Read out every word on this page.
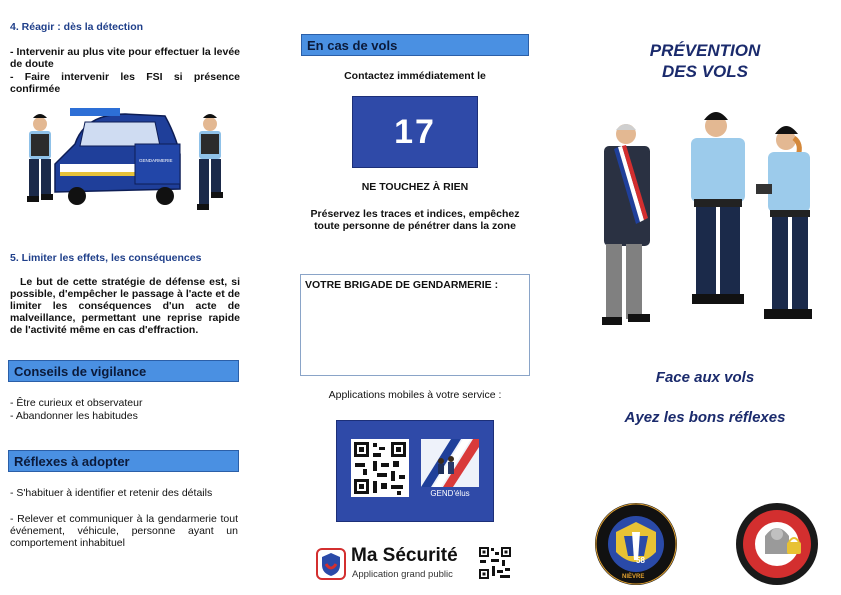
4. Réagir : dès la détection
- Intervenir au plus vite pour effectuer la levée de doute
- Faire intervenir les FSI si présence confirmée
GENDARMERIE
5. Limiter les effets, les conséquences
Le but de cette stratégie de défense est, si possible, d'empêcher le passage à l'acte et de limiter les conséquences d'un acte de malveillance, permettant une reprise rapide de l'activité même en cas d'effraction.
Conseils de vigilance
- Être curieux et observateur
- Abandonner les habitudes
Réflexes à adopter
- S'habituer à identifier et retenir des détails
- Relever et communiquer à la gendarmerie tout événement, véhicule, personne ayant un comportement inhabituel
En cas de vols
Contactez immédiatement le
17
NE TOUCHEZ À RIEN
Préservez les traces et indices, empêchez toute personne de pénétrer dans la zone
VOTRE BRIGADE DE GENDARMERIE :
Applications mobiles à votre service :
GEND'élus
Ma Sécurité
Application grand public
PRÉVENTION
DES VOLS
Face aux vols
Ayez les bons réflexes
58
NIÈVRE
